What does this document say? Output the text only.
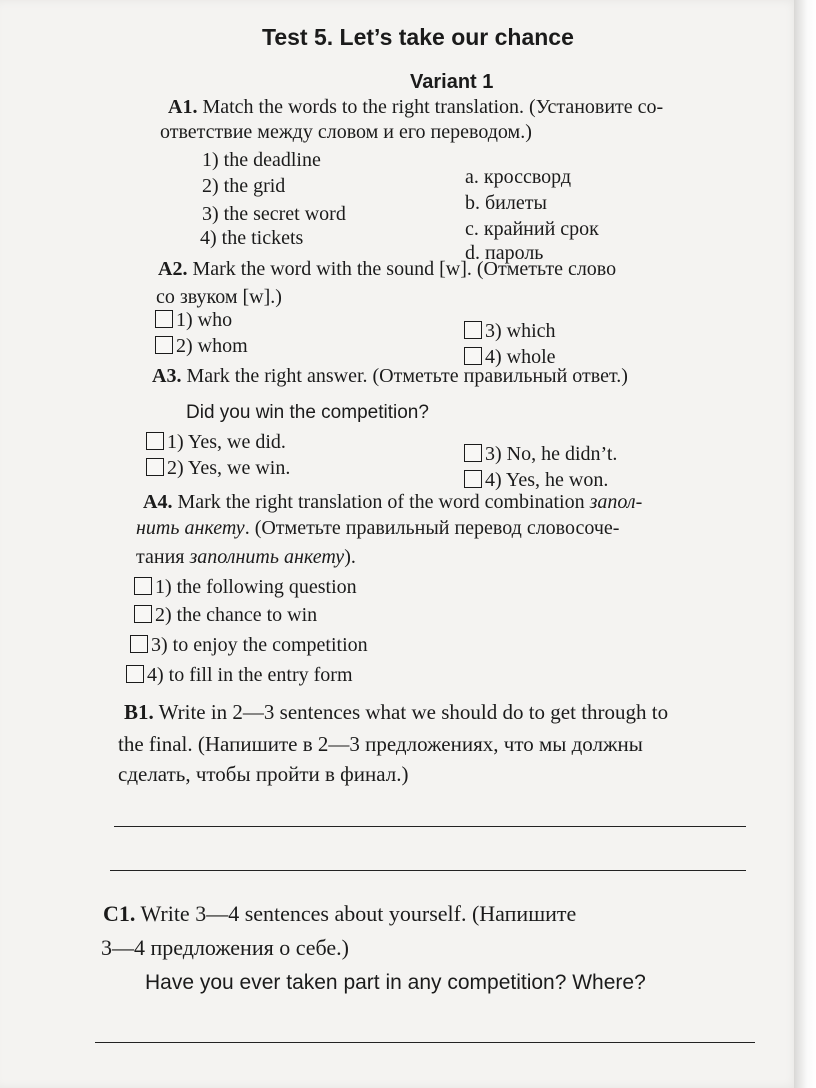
Test 5. Let’s take our chance
Variant 1
A1. Match the words to the right translation. (Установите со-
ответствие между словом и его переводом.)
1) the deadline
2) the grid
3) the secret word
4) the tickets
a. кроссворд
b. билеты
c. крайний срок
d. пароль
A2. Mark the word with the sound [w]. (Отметьте слово
со звуком [w].)
1) who
2) whom
3) which
4) whole
A3. Mark the right answer. (Отметьте правильный ответ.)
Did you win the competition?
1) Yes, we did.
2) Yes, we win.
3) No, he didn’t.
4) Yes, he won.
A4. Mark the right translation of the word combination запол-
нить анкету. (Отметьте правильный перевод словосоче-
тания заполнить анкету).
1) the following question
2) the chance to win
3) to enjoy the competition
4) to fill in the entry form
B1. Write in 2—3 sentences what we should do to get through to
the final. (Напишите в 2—3 предложениях, что мы должны
сделать, чтобы пройти в финал.)
C1. Write 3—4 sentences about yourself. (Напишите
3—4 предложения о себе.)
Have you ever taken part in any competition? Where?
